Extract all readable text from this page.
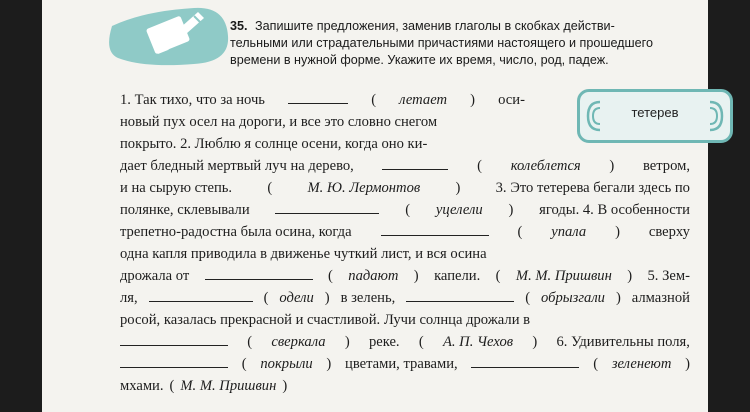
тетерев
35. Запишите предложения, заменив глаголы в скобках действи-
тельными или страдательными причастиями настоящего и прошедшего
времени в нужной форме. Укажите их время, число, род, падеж.
1. Так тихо, что за ночь	( летает ) оси-
новый пух осел на дороги, и все это словно снегом
покрыто. 2. Люблю я солнце осени, когда оно ки-
дает бледный мертвый луч на дерево,	( колеблется ) ветром,
и на сырую степь. ( М. Ю. Лермонтов ) 3. Это тетерева бегали здесь по
полянке, склевывали	( уцелели ) ягоды. 4. В особенности
трепетно-радостна была осина, когда	( упала ) сверху
одна капля приводила в движенье чуткий лист, и вся осина
дрожала от	( падают ) капели. ( М. М. Пришвин ) 5. Зем-
ля,	( одели ) в зелень,	( обрызгали ) алмазной
росой, казалась прекрасной и счастливой. Лучи солнца дрожали в
( сверкала ) реке. ( А. П. Чехов ) 6. Удивительны поля,
( покрыли ) цветами, травами,	( зеленеют )
мхами. ( М. М. Пришвин )
